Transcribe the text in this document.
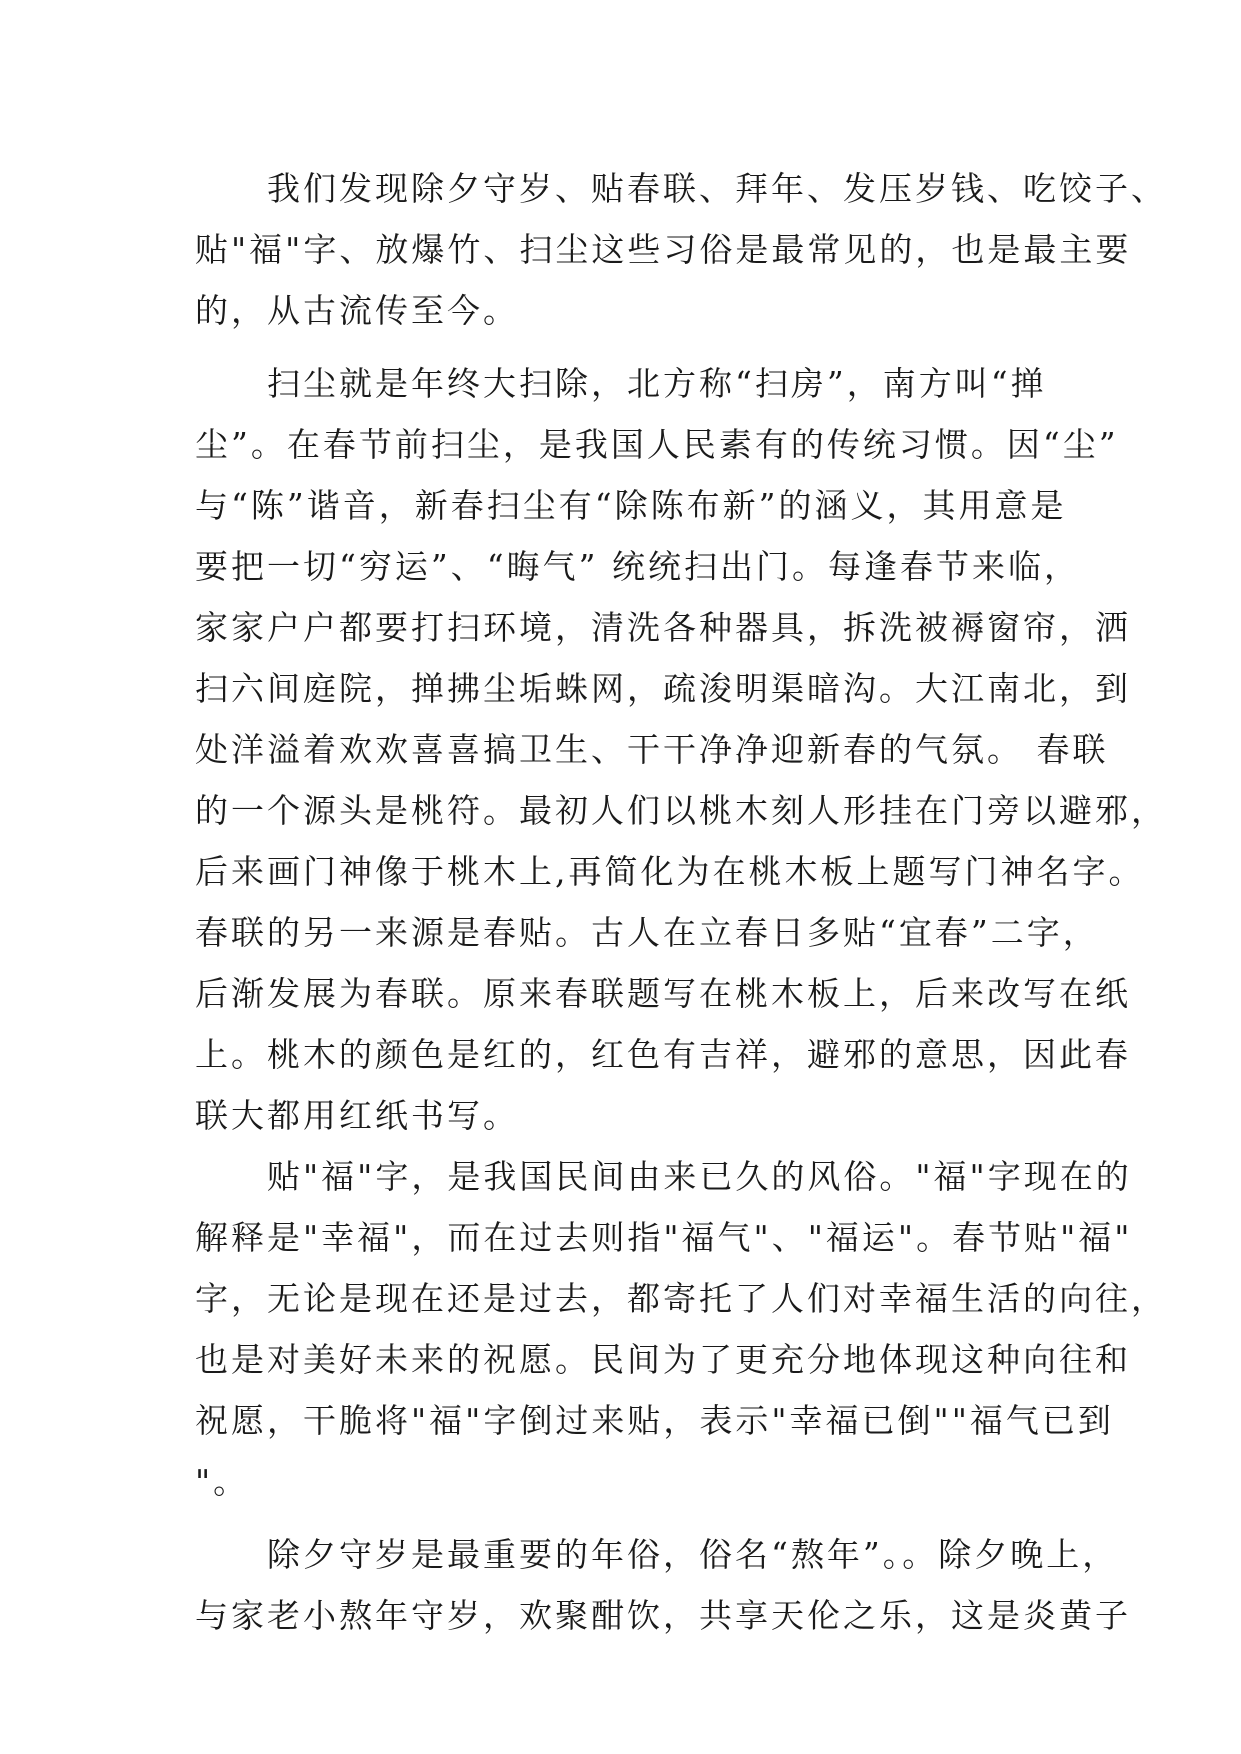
　　我们发现除夕守岁、贴春联、拜年、发压岁钱、吃饺子、
贴"福"字、放爆竹、扫尘这些习俗是最常见的，也是最主要
的，从古流传至今。
　　扫尘就是年终大扫除，北方称“扫房”，南方叫“掸
尘”。在春节前扫尘，是我国人民素有的传统习惯。因“尘”
与“陈”谐音，新春扫尘有“除陈布新”的涵义，其用意是
要把一切“穷运”、“晦气” 统统扫出门。每逢春节来临，
家家户户都要打扫环境，清洗各种器具，拆洗被褥窗帘，洒
扫六间庭院，掸拂尘垢蛛网，疏浚明渠暗沟。大江南北，到
处洋溢着欢欢喜喜搞卫生、干干净净迎新春的气氛。 春联
的一个源头是桃符。最初人们以桃木刻人形挂在门旁以避邪，
后来画门神像于桃木上,再简化为在桃木板上题写门神名字。
春联的另一来源是春贴。古人在立春日多贴“宜春”二字，
后渐发展为春联。原来春联题写在桃木板上，后来改写在纸
上。桃木的颜色是红的，红色有吉祥，避邪的意思，因此春
联大都用红纸书写。
　　贴"福"字，是我国民间由来已久的风俗。"福"字现在的
解释是"幸福"，而在过去则指"福气"、"福运"。春节贴"福"
字，无论是现在还是过去，都寄托了人们对幸福生活的向往，
也是对美好未来的祝愿。民间为了更充分地体现这种向往和
祝愿，干脆将"福"字倒过来贴，表示"幸福已倒""福气已到
"。
　　除夕守岁是最重要的年俗，俗名“熬年”。。除夕晚上，
与家老小熬年守岁，欢聚酣饮，共享天伦之乐，这是炎黄子
